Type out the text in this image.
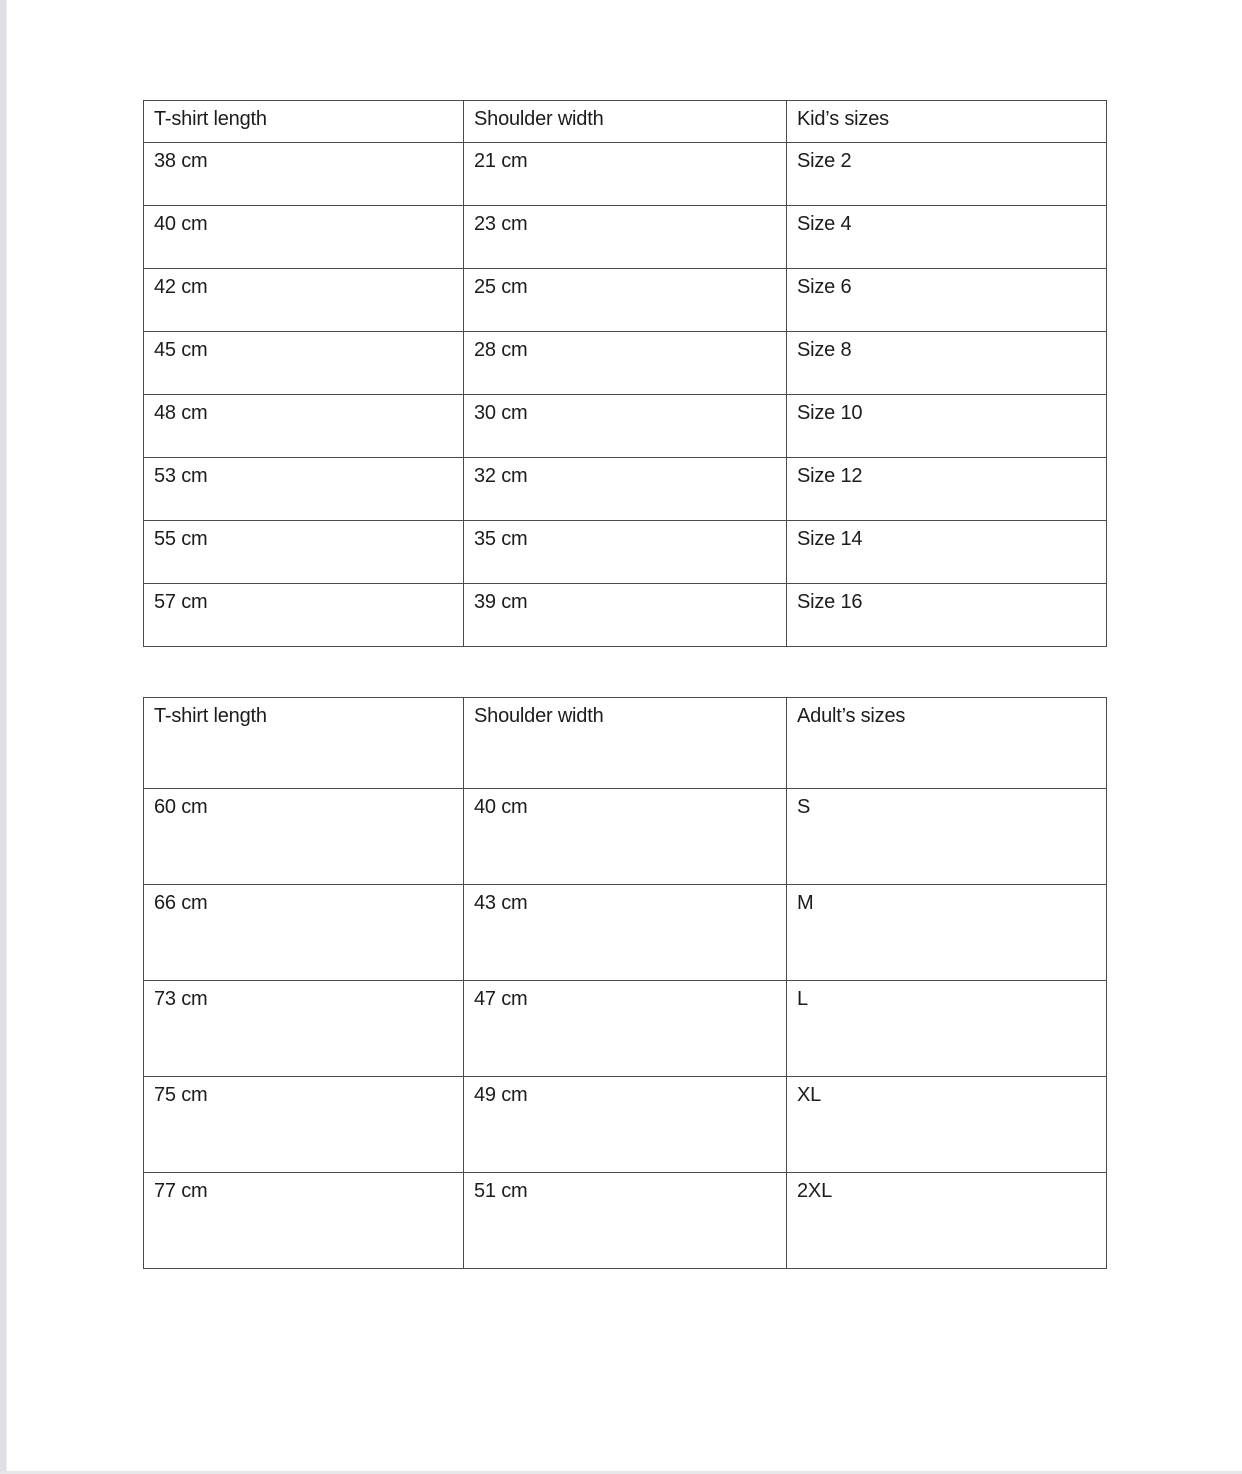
T-shirt length	Shoulder width	Kid’s sizes
38 cm	21 cm	Size 2
40 cm	23 cm	Size 4
42 cm	25 cm	Size 6
45 cm	28 cm	Size 8
48 cm	30 cm	Size 10
53 cm	32 cm	Size 12
55 cm	35 cm	Size 14
57 cm	39 cm	Size 16
T-shirt length	Shoulder width	Adult’s sizes
60 cm	40 cm	S
66 cm	43 cm	M
73 cm	47 cm	L
75 cm	49 cm	XL
77 cm	51 cm	2XL
